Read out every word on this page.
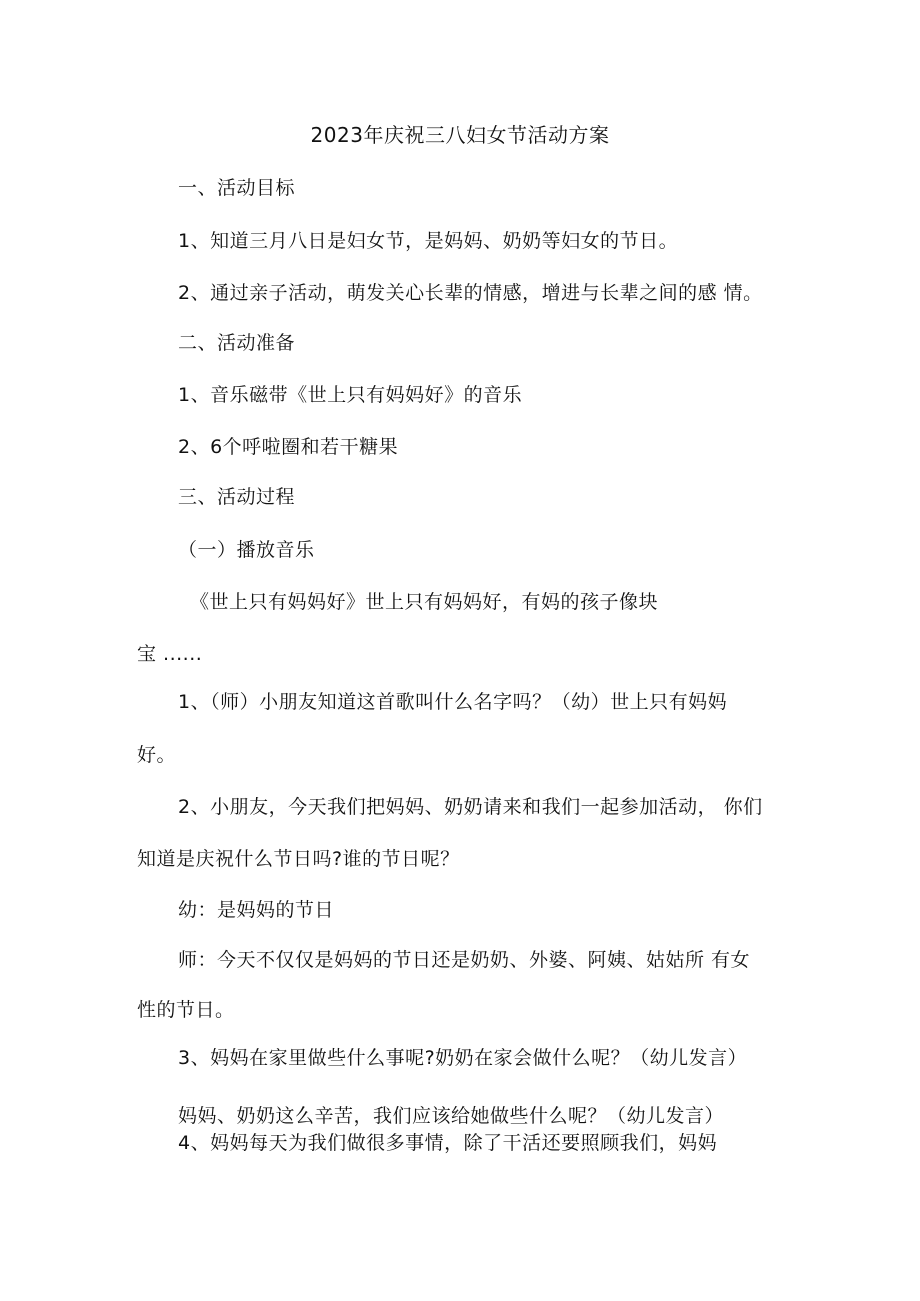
2023年庆祝三八妇女节活动方案
一、活动目标
1、知道三月八日是妇女节，是妈妈、奶奶等妇女的节日。
2、通过亲子活动，萌发关心长辈的情感，增进与长辈之间的感 情。
二、活动准备
1、音乐磁带《世上只有妈妈好》的音乐
2、6个呼啦圈和若干糖果
三、活动过程
（一）播放音乐
《世上只有妈妈好》世上只有妈妈好，有妈的孩子像块
宝 ......
1、（师）小朋友知道这首歌叫什么名字吗？（幼）世上只有妈妈
好。
2、小朋友，今天我们把妈妈、奶奶请来和我们一起参加活动， 你们
知道是庆祝什么节日吗?谁的节日呢？
幼：是妈妈的节日
师：今天不仅仅是妈妈的节日还是奶奶、外婆、阿姨、姑姑所 有女
性的节日。
3、妈妈在家里做些什么事呢?奶奶在家会做什么呢？（幼儿发言）
妈妈、奶奶这么辛苦，我们应该给她做些什么呢？（幼儿发言）
4、妈妈每天为我们做很多事情，除了干活还要照顾我们，妈妈
